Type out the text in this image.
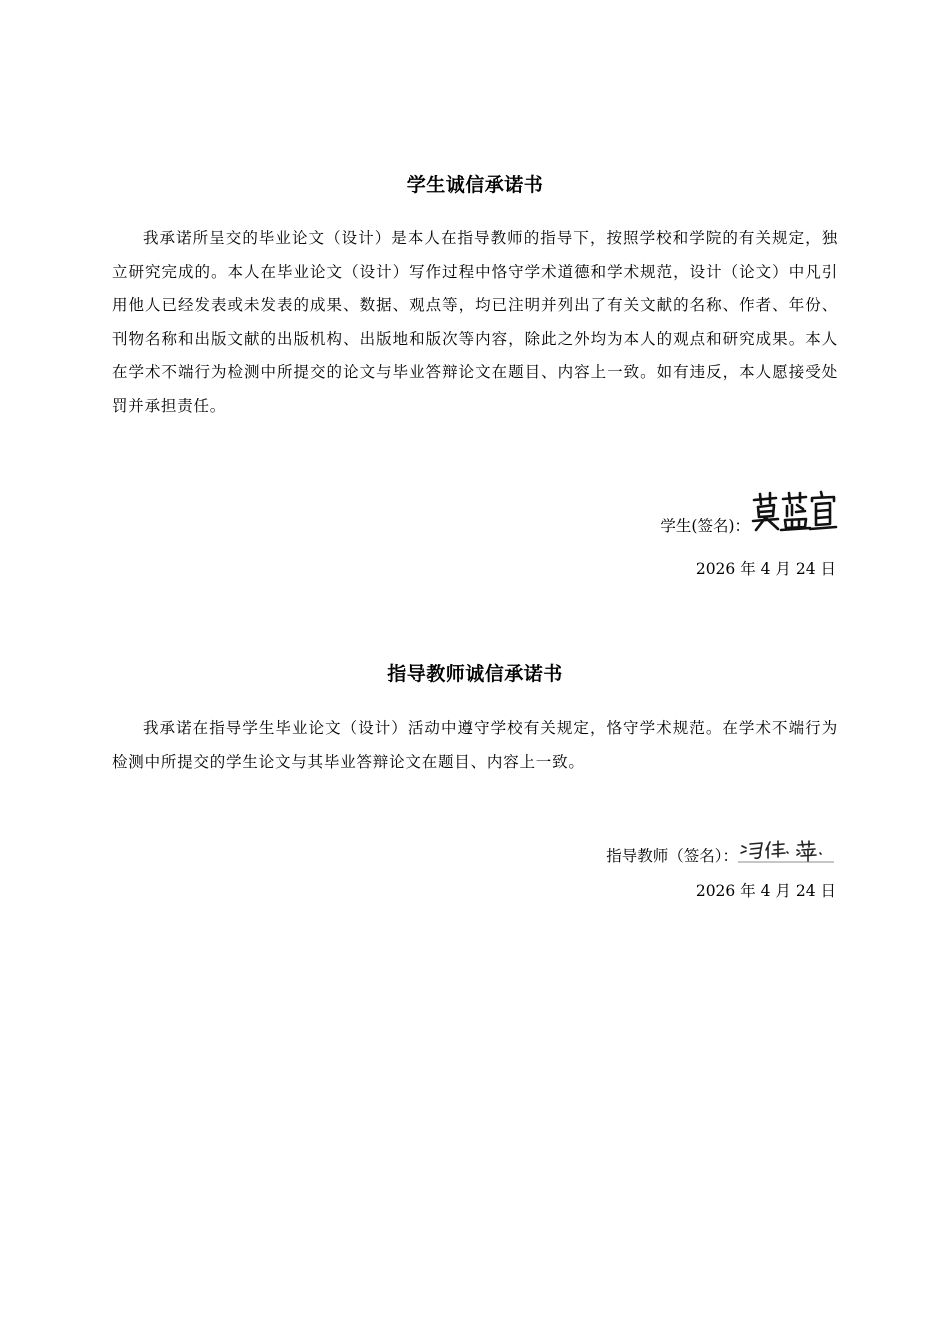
学生诚信承诺书

我承诺所呈交的毕业论文（设计）是本人在指导教师的指导下，按照学校和学院的有关规定，独立研究完成的。本人在毕业论文（设计）写作过程中恪守学术道德和学术规范，设计（论文）中凡引用他人已经发表或未发表的成果、数据、观点等，均已注明并列出了有关文献的名称、作者、年份、刊物名称和出版文献的出版机构、出版地和版次等内容，除此之外均为本人的观点和研究成果。本人在学术不端行为检测中所提交的论文与毕业答辩论文在题目、内容上一致。如有违反，本人愿接受处罚并承担责任。

学生(签名)：
2026 年 4 月 24 日
指导教师诚信承诺书

我承诺在指导学生毕业论文（设计）活动中遵守学校有关规定，恪守学术规范。在学术不端行为检测中所提交的学生论文与其毕业答辩论文在题目、内容上一致。

指导教师（签名）：
2026 年 4 月 24 日
